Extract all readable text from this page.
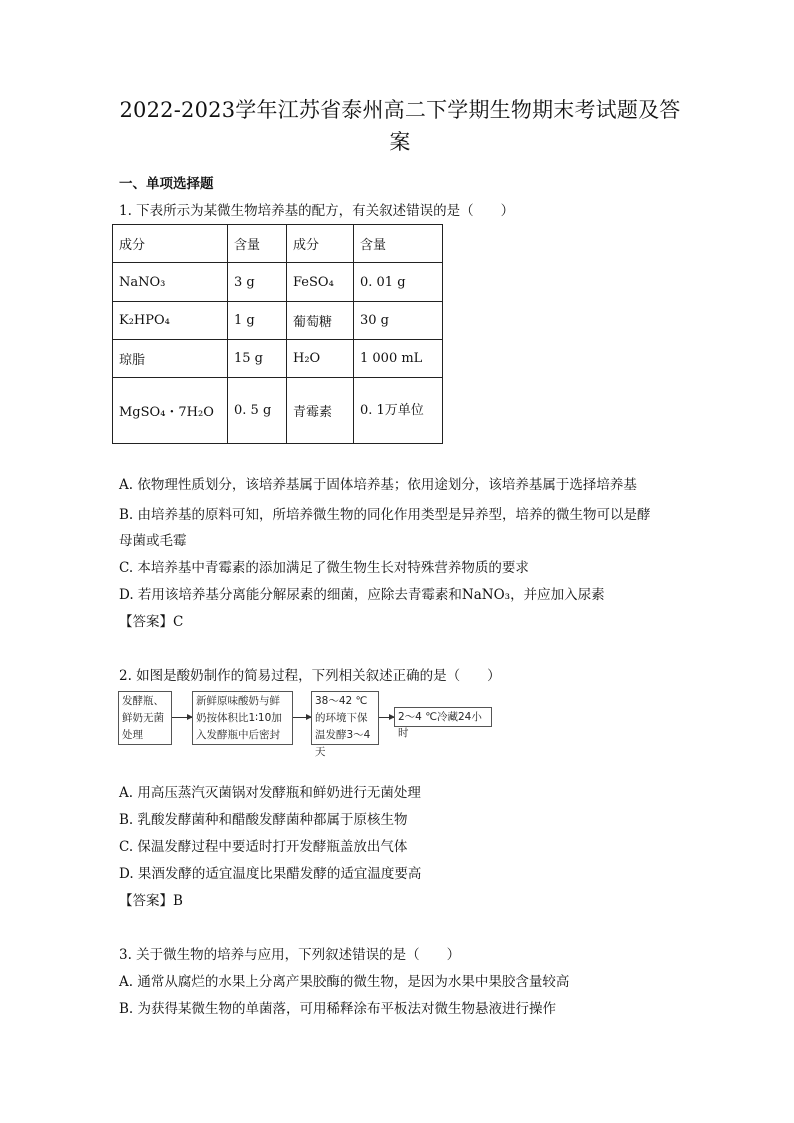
2022-2023学年江苏省泰州高二下学期生物期末考试题及答
案
一、单项选择题
1. 下表所示为某微生物培养基的配方，有关叙述错误的是（　　）
成分	含量	成分	含量
NaNO₃	3 g	FeSO₄	0. 01 g
K₂HPO₄	1 g	葡萄糖	30 g
琼脂	15 g	H₂O	1 000 mL
MgSO₄・7H₂O	0. 5 g	青霉素	0. 1万单位
A. 依物理性质划分，该培养基属于固体培养基；依用途划分，该培养基属于选择培养基
B. 由培养基的原料可知，所培养微生物的同化作用类型是异养型，培养的微生物可以是酵
母菌或毛霉
C. 本培养基中青霉素的添加满足了微生物生长对特殊营养物质的要求
D. 若用该培养基分离能分解尿素的细菌，应除去青霉素和NaNO₃，并应加入尿素
【答案】C
2. 如图是酸奶制作的简易过程，下列相关叙述正确的是（　　）
发酵瓶、鲜奶无菌处理
新鲜原味酸奶与鲜奶按体积比1∶10加入发酵瓶中后密封
38～42 ℃的环境下保温发酵3～4天
2～4 ℃冷藏24小时
A. 用高压蒸汽灭菌锅对发酵瓶和鲜奶进行无菌处理
B. 乳酸发酵菌种和醋酸发酵菌种都属于原核生物
C. 保温发酵过程中要适时打开发酵瓶盖放出气体
D. 果酒发酵的适宜温度比果醋发酵的适宜温度要高
【答案】B
3. 关于微生物的培养与应用，下列叙述错误的是（　　）
A. 通常从腐烂的水果上分离产果胶酶的微生物，是因为水果中果胶含量较高
B. 为获得某微生物的单菌落，可用稀释涂布平板法对微生物悬液进行操作
